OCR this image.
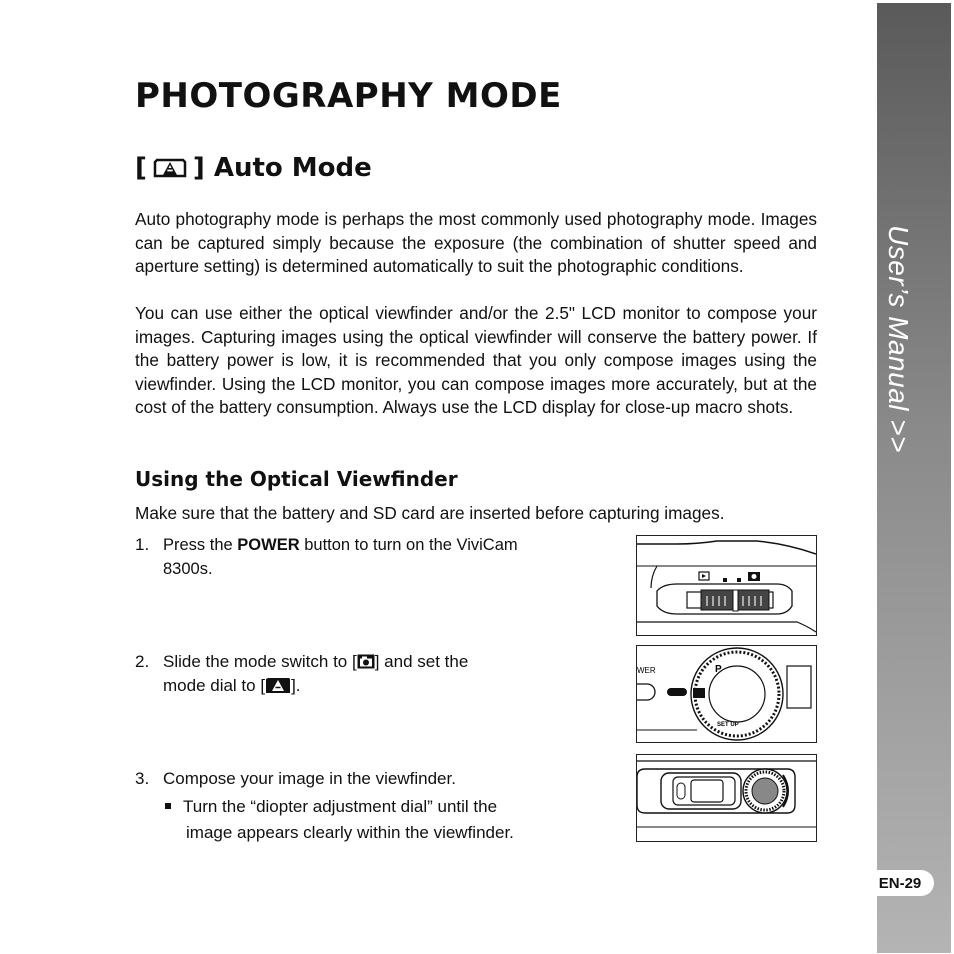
User’s Manual >>
EN-29
PHOTOGRAPHY MODE
[ ] Auto Mode

Auto photography mode is perhaps the most commonly used photography mode. Images can be captured simply because the exposure (the combination of shutter speed and aperture setting) is determined automatically to suit the photographic conditions.

You can use either the optical viewfinder and/or the 2.5" LCD monitor to compose your images. Capturing images using the optical viewfinder will conserve the battery power. If the battery power is low, it is recommended that you only compose images using the viewfinder. Using the LCD monitor, you can compose images more accurately, but at the cost of the battery consumption. Always use the LCD display for close-up macro shots.

Using the Optical Viewfinder

Make sure that the battery and SD card are inserted before capturing images.

1. Press the POWER button to turn on the ViviCam
8300s.
2. Slide the mode switch to [ ] and set the
mode dial to [ ].
3. Compose your image in the viewfinder.
Turn the “diopter adjustment dial” until the
image appears clearly within the viewfinder.
WER	P
SET UP
